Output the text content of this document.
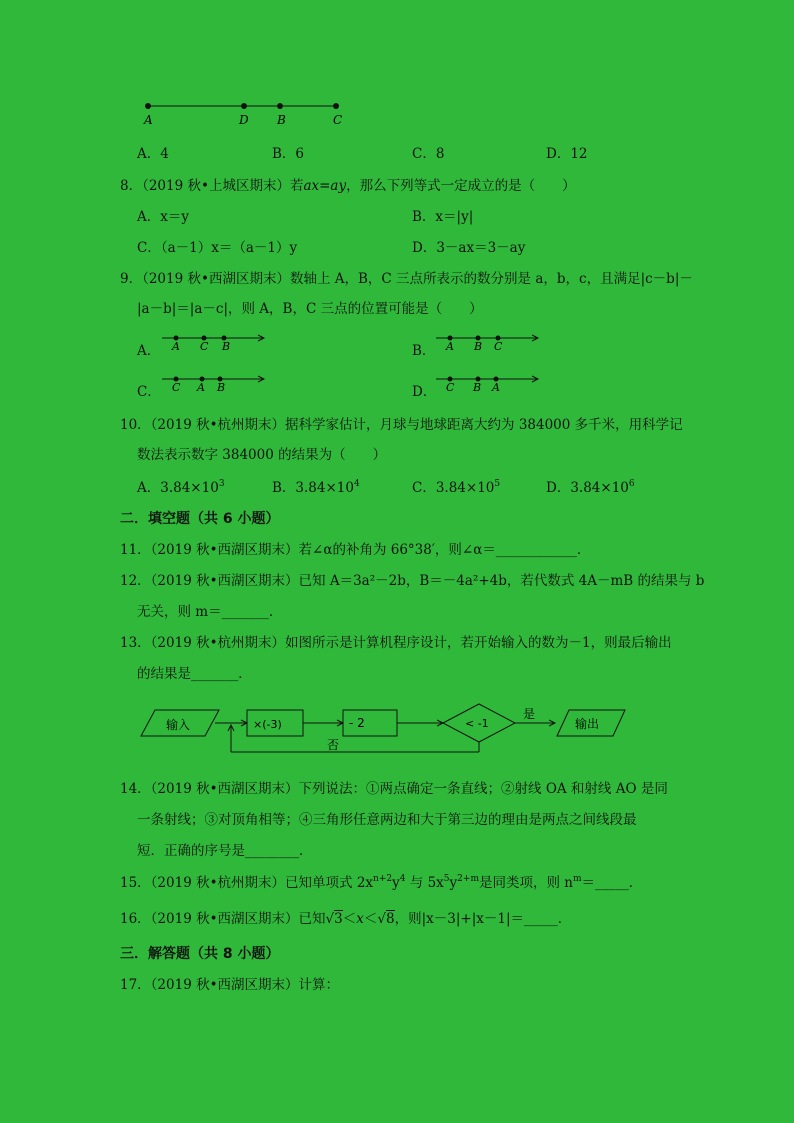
A	D B	C
A．4	B．6	C．8	D．12
8．（2019 秋•上城区期末）若ax=ay，那么下列等式一定成立的是（　　）
A．x＝y	B．x＝|y|
C．（a－1）x＝（a－1）y	D．3－ax＝3－ay
9．（2019 秋•西湖区期末）数轴上 A，B，C 三点所表示的数分别是 a，b，c，且满足|c－b|－
|a－b|＝|a－c|，则 A，B，C 三点的位置可能是（　　）
A． A C B	B． A B C
C． C A B	D． C B A
10．（2019 秋•杭州期末）据科学家估计，月球与地球距离大约为 384000 多千米，用科学记
数法表示数字 384000 的结果为（　　）
A．$3.84\times 10^3$	B．$3.84\times 10^4$	C．$3.84\times 10^5$	D．$3.84\times 10^6$
二．填空题（共 6 小题）
11．（2019 秋•西湖区期末）若∠α的补角为 66°38′，则∠α＝____________．
12．（2019 秋•西湖区期末）已知 A＝3a²－2b，B＝－4a²+4b，若代数式 4A－mB 的结果与 b
无关，则 m＝_______．
13．（2019 秋•杭州期末）如图所示是计算机程序设计，若开始输入的数为－1，则最后输出
的结果是_______．
输入	×(-3)	- 2	< -1
是
输出
否
14．（2019 秋•西湖区期末）下列说法：①两点确定一条直线；②射线 OA 和射线 AO 是同
一条射线；③对顶角相等；④三角形任意两边和大于第三边的理由是两点之间线段最
短．正确的序号是________．
15．（2019 秋•杭州期末）已知单项式 $2x^{n+2}y^4$ 与 $5x^5y^{2+m}$是同类项，则 $n^m=\_\_\_\_\_$．
16．（2019 秋•西湖区期末）已知√3＜x＜√8，则|x－3|+|x－1|＝_____．
三．解答题（共 8 小题）
17．（2019 秋•西湖区期末）计算：
